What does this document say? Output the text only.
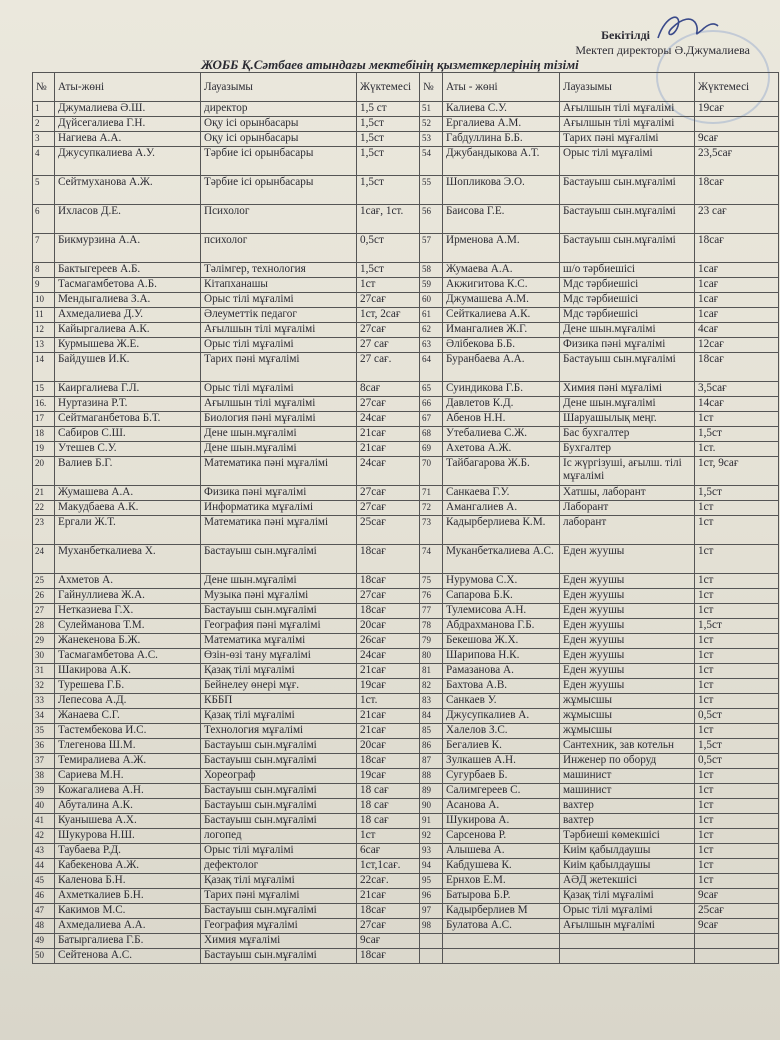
Бекітілді
Мектеп директоры Ә.Джумалиева
ЖОББ Қ.Сәтбаев атындағы мектебінің қызметкерлерінің тізімі
№	Аты-жөні	Лауазымы	Жүктемесі	№	Аты - жөні	Лауазымы	Жүктемесі
1	Джумалиева Ә.Ш.	директор	1,5 ст	51	Калиева С.У.	Ағылшын тілі мұғалімі	19сағ
2	Дүйсегалиева Г.Н.	Оқу ісі орынбасары	1,5ст	52	Ергалиева А.М.	Ағылшын тілі мұғалімі	
3	Нагиева А.А.	Оқу ісі орынбасары	1,5ст	53	Габдуллина Б.Б.	Тарих пәні мұғалімі	9сағ
4	Джусупкалиева А.У.	Тәрбие ісі орынбасары	1,5ст	54	Джубандыкова А.Т.	Орыс тілі мұғалімі	23,5сағ
5	Сейтмуханова А.Ж.	Тәрбие ісі орынбасары	1,5ст	55	Шопликова Э.О.	Бастауыш сын.мұғалімі	18сағ
6	Ихласов Д.Е.	Психолог	1сағ, 1ст.	56	Баисова Г.Е.	Бастауыш сын.мұғалімі	23 сағ
7	Бикмурзина А.А.	психолог	0,5ст	57	Ирменова А.М.	Бастауыш сын.мұғалімі	18сағ
8	Бактыгереев А.Б.	Тәлімгер, технология	1,5ст	58	Жумаева А.А.	ш/о тәрбиешісі	1сағ
9	Тасмагамбетова А.Б.	Кітапханашы	1ст	59	Акжигитова К.С.	Мдс тәрбиешісі	1сағ
10	Мендыгалиева З.А.	Орыс тілі мұғалімі	27сағ	60	Джумашева А.М.	Мдс тәрбиешісі	1сағ
11	Ахмедалиева Д.У.	Әлеуметтік педагог	1ст, 2сағ	61	Сейткалиева А.К.	Мдс тәрбиешісі	1сағ
12	Кайыргалиева А.К.	Ағылшын тілі мұғалімі	27сағ	62	Имангалиев Ж.Г.	Дене шын.мұғалімі	4сағ
13	Курмышева Ж.Е.	Орыс тілі мұғалімі	27 сағ	63	Әлібекова Б.Б.	Физика пәні мұғалімі	12сағ
14	Байдушев И.К.	Тарих пәні мұғалімі	27 сағ.	64	Буранбаева А.А.	Бастауыш сын.мұғалімі	18сағ
15	Каиргалиева Г.Л.	Орыс тілі мұғалімі	8сағ	65	Суиндикова Г.Б.	Химия пәні мұғалімі	3,5сағ
16.	Нуртазина Р.Т.	Ағылшын тілі мұғалімі	27сағ	66	Давлетов К.Д.	Дене шын.мұғалімі	14сағ
17	Сейтмаганбетова Б.Т.	Биология пәні мұғалімі	24сағ	67	Абенов Н.Н.	Шаруашылық меңг.	1ст
18	Сабиров С.Ш.	Дене шын.мұғалімі	21сағ	68	Утебалиева С.Ж.	Бас бухгалтер	1,5ст
19	Утешев С.У.	Дене шын.мұғалімі	21сағ	69	Ахетова А.Ж.	Бухгалтер	1ст.
20	Валиев Б.Г.	Математика пәні мұғалімі	24сағ	70	Тайбагарова Ж.Б.	Іс жүргізушi, ағылш. тілі мұғалімі	1ст, 9сағ
21	Жумашева А.А.	Физика пәні мұғалімі	27сағ	71	Санкаева Г.У.	Хатшы, лаборант	1,5ст
22	Макудбаева А.К.	Информатика мұғалімі	27сағ	72	Амангалиев А.	Лаборант	1ст
23	Ергали Ж.Т.	Математика пәні мұғалімі	25сағ	73	Кадырберлиева К.М.	лаборант	1ст
24	Муханбеткалиева Х.	Бастауыш сын.мұғалімі	18сағ	74	Муканбеткалиева А.С.	Еден жуушы	1ст
25	Ахметов А.	Дене шын.мұғалімі	18сағ	75	Нурумова С.Х.	Еден жуушы	1ст
26	Гайнуллиева Ж.А.	Музыка пәні мұғалімі	27сағ	76	Сапарова Б.К.	Еден жуушы	1ст
27	Нетказиева Г.Х.	Бастауыш сын.мұғалімі	18сағ	77	Тулемисова А.Н.	Еден жуушы	1ст
28	Сулейманова Т.М.	География пәні мұғалімі	20сағ	78	Абдрахманова Г.Б.	Еден жуушы	1,5ст
29	Жанекенова Б.Ж.	Математика мұғалімі	26сағ	79	Бекешова Ж.Х.	Еден жуушы	1ст
30	Тасмагамбетова А.С.	Өзін-өзі тану мұғалімі	24сағ	80	Шарипова Н.К.	Еден жуушы	1ст
31	Шакирова А.К.	Қазақ тілі мұғалімі	21сағ	81	Рамазанова А.	Еден жуушы	1ст
32	Турешева Г.Б.	Бейнелеу өнері мұғ.	19сағ	82	Бахтова А.В.	Еден жуушы	1ст
33	Лепесова А.Д.	КББП	1ст.	83	Санкаев У.	жұмысшы	1ст
34	Жанаева С.Г.	Қазақ тілі мұғалімі	21сағ	84	Джусупкалиев А.	жұмысшы	0,5ст
35	Тастембекова И.С.	Технология мұғалімі	21сағ	85	Халелов З.С.	жұмысшы	1ст
36	Тлегенова Ш.М.	Бастауыш сын.мұғалімі	20сағ	86	Бегалиев К.	Сантехник, зав котельн	1,5ст
37	Темиралиева А.Ж.	Бастауыш сын.мұғалімі	18сағ	87	Зулкашев А.Н.	Инженер по оборуд	0,5ст
38	Сариева М.Н.	Хореограф	19сағ	88	Сугурбаев Б.	машинист	1ст
39	Кожагалиева А.Н.	Бастауыш сын.мұғалімі	18 сағ	89	Салимгереев С.	машинист	1ст
40	Абуталина А.К.	Бастауыш сын.мұғалімі	18 сағ	90	Асанова А.	вахтер	1ст
41	Куанышева А.Х.	Бастауыш сын.мұғалімі	18 сағ	91	Шукирова А.	вахтер	1ст
42	Шукурова Н.Ш.	логопед	1ст	92	Сарсенова Р.	Тәрбиеші көмекшісі	1ст
43	Таубаева Р.Д.	Орыс тілі мұғалімі	6сағ	93	Алышева А.	Киім қабылдаушы	1ст
44	Кабекенова А.Ж.	дефектолог	1ст,1сағ.	94	Кабдушева К.	Киім қабылдаушы	1ст
45	Каленова Б.Н.	Қазақ тілі мұғалімі	22сағ.	95	Ернхов Е.М.	АӘД жетекшісі	1ст
46	Ахметкалиев Б.Н.	Тарих пәні мұғалімі	21сағ	96	Батырова Б.Р.	Қазақ тілі мұғалімі	9сағ
47	Какимов М.С.	Бастауыш сын.мұғалімі	18сағ	97	Кадырберлиев М	Орыс тілі мұғалімі	25сағ
48	Ахмедалиева А.А.	География мұғалімі	27сағ	98	Булатова А.С.	Ағылшын мұғалімі	9сағ
49	Батыргалиева Г.Б.	Химия мұғалімі	9сағ				
50	Сейтенова А.С.	Бастауыш сын.мұғалімі	18сағ				
